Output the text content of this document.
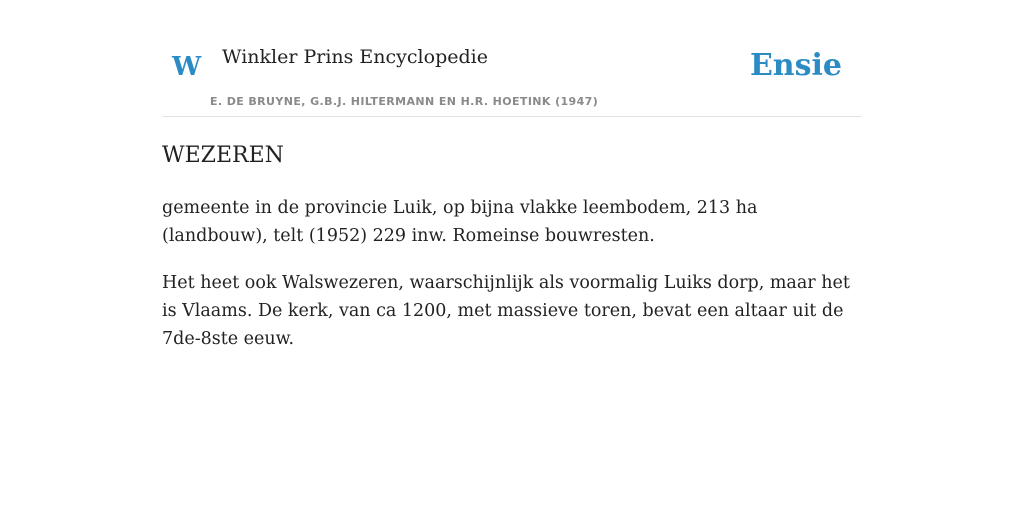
W Winkler Prins Encyclopedie
E. DE BRUYNE, G.B.J. HILTERMANN EN H.R. HOETINK (1947)
Ensie
WEZEREN

gemeente in de provincie Luik, op bijna vlakke leembodem, 213 ha (landbouw), telt (1952) 229 inw. Romeinse bouwresten.

Het heet ook Walswezeren, waarschijnlijk als voormalig Luiks dorp, maar het is Vlaams. De kerk, van ca 1200, met massieve toren, bevat een altaar uit de 7de-8ste eeuw.
